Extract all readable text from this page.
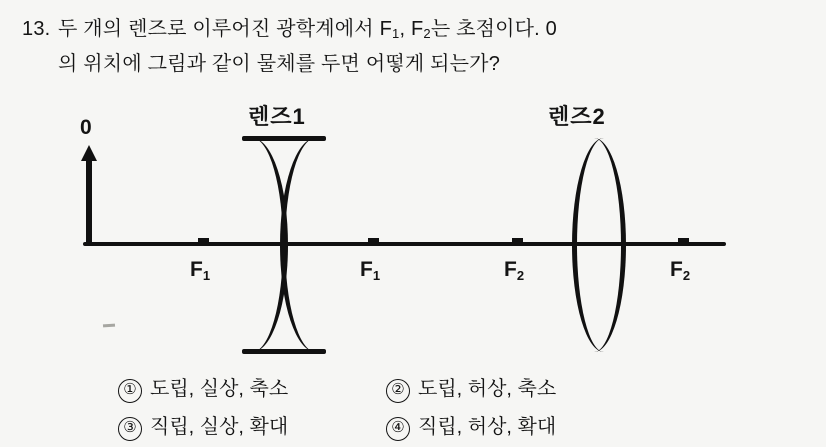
13. 두 개의 렌즈로 이루어진 광학계에서 $F_1$, $F_2$는 초점이다. 0
의 위치에 그림과 같이 물체를 두면 어떻게 되는가?
렌즈1	렌즈2
0
$F_1$	$F_1$	$F_2$	$F_2$
① 도립, 실상, 축소	② 도립, 허상, 축소
③ 직립, 실상, 확대	④ 직립, 허상, 확대
